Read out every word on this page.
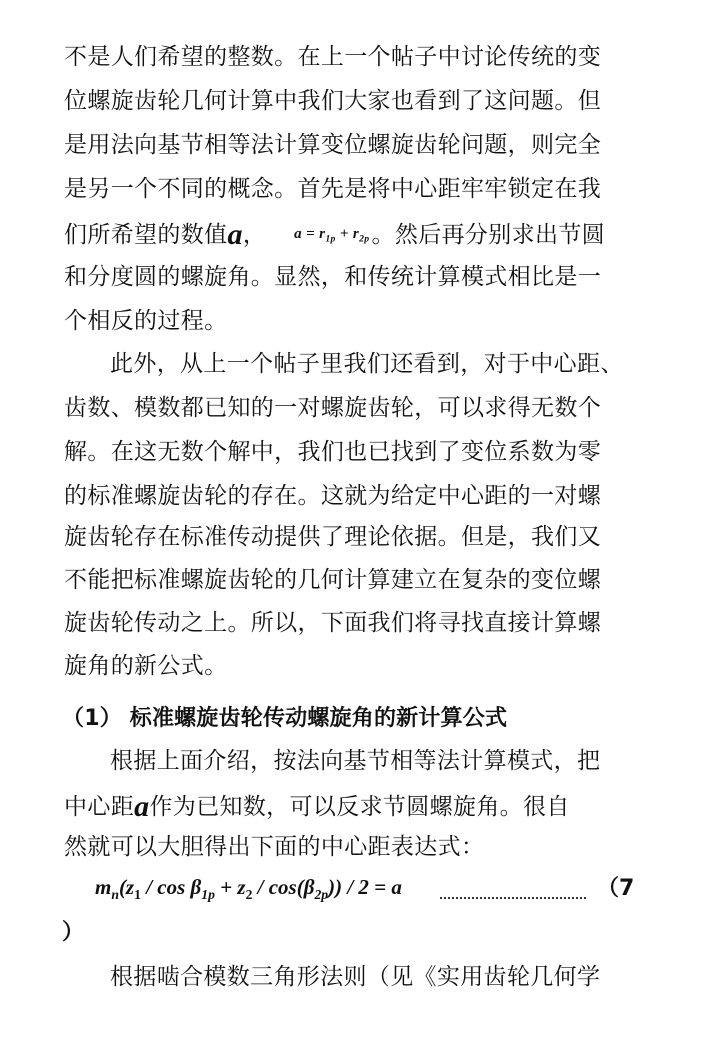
不是人们希望的整数。在上一个帖子中讨论传统的变
位螺旋齿轮几何计算中我们大家也看到了这问题。但
是用法向基节相等法计算变位螺旋齿轮问题，则完全
是另一个不同的概念。首先是将中心距牢牢锁定在我
们所希望的数值a， $a = r_{1p} + r_{2p}$。然后再分别求出节圆
和分度圆的螺旋角。显然，和传统计算模式相比是一
个相反的过程。
此外，从上一个帖子里我们还看到，对于中心距、
齿数、模数都已知的一对螺旋齿轮，可以求得无数个
解。在这无数个解中，我们也已找到了变位系数为零
的标准螺旋齿轮的存在。这就为给定中心距的一对螺
旋齿轮存在标准传动提供了理论依据。但是，我们又
不能把标准螺旋齿轮的几何计算建立在复杂的变位螺
旋齿轮传动之上。所以，下面我们将寻找直接计算螺
旋角的新公式。
（1） 标准螺旋齿轮传动螺旋角的新计算公式
根据上面介绍，按法向基节相等法计算模式，把
中心距a作为已知数，可以反求节圆螺旋角。很自
然就可以大胆得出下面的中心距表达式：
$m_n(z_1 / \cos \beta_{1p} + z_2 / \cos(\beta_{2p})) / 2 = a$	（7
）
根据啮合模数三角形法则（见《实用齿轮几何学
